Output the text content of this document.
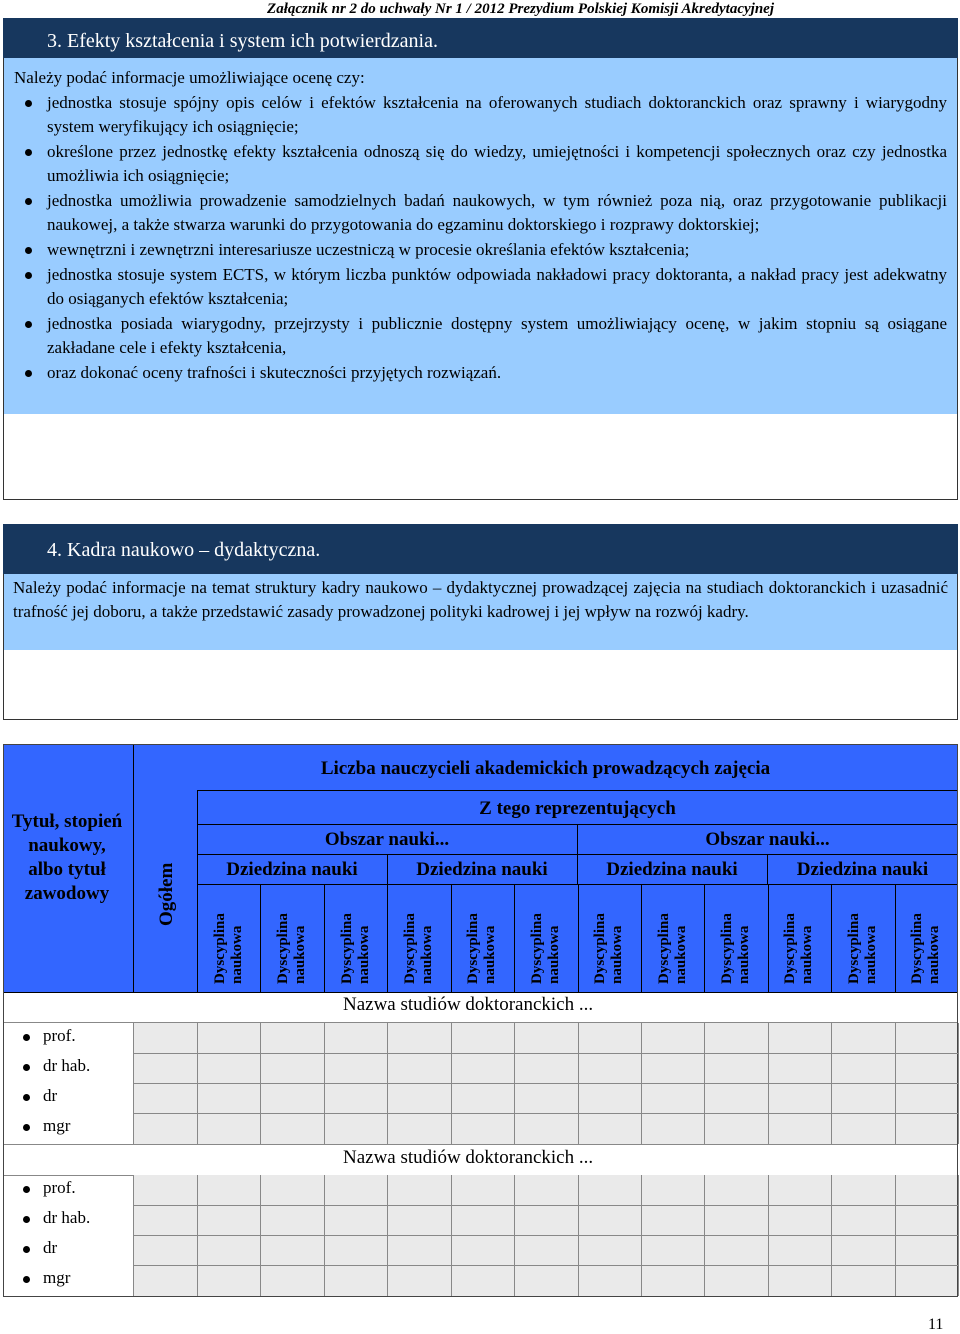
Załącznik nr 2 do uchwały Nr 1 / 2012 Prezydium Polskiej Komisji Akredytacyjnej
3. Efekty kształcenia i system ich potwierdzania.
Należy podać informacje umożliwiające ocenę czy:
jednostka stosuje spójny opis celów i efektów kształcenia na oferowanych studiach doktoranckich oraz sprawny i wiarygodny system weryfikujący ich osiągnięcie;
określone przez jednostkę efekty kształcenia odnoszą się do wiedzy, umiejętności i kompetencji społecznych oraz czy jednostka umożliwia ich osiągnięcie;
jednostka umożliwia prowadzenie samodzielnych badań naukowych, w tym również poza nią, oraz przygotowanie publikacji naukowej, a także stwarza warunki do przygotowania do egzaminu doktorskiego i rozprawy doktorskiej;
wewnętrzni i zewnętrzni interesariusze uczestniczą w procesie określania efektów kształcenia;
jednostka stosuje system ECTS, w którym liczba punktów odpowiada nakładowi pracy doktoranta, a nakład pracy jest adekwatny do osiąganych efektów kształcenia;
jednostka posiada wiarygodny, przejrzysty i publicznie dostępny system umożliwiający ocenę, w jakim stopniu są osiągane zakładane cele i efekty kształcenia,
oraz dokonać oceny trafności i skuteczności przyjętych rozwiązań.
4. Kadra naukowo – dydaktyczna.
Należy podać informacje na temat struktury kadry naukowo – dydaktycznej prowadzącej zajęcia na studiach doktoranckich i uzasadnić trafność jej doboru, a także przedstawić zasady prowadzonej polityki kadrowej i jej wpływ na rozwój kadry.
Tytuł, stopień naukowy, albo tytuł zawodowy	Ogółem
Liczba nauczycieli akademickich prowadzących zajęcia
Z tego reprezentujących
Obszar nauki...	Obszar nauki...
Dziedzina nauki	Dziedzina nauki	Dziedzina nauki	Dziedzina nauki
Dyscyplina naukowa Dyscyplina naukowa Dyscyplina naukowa Dyscyplina naukowa Dyscyplina naukowa Dyscyplina naukowa Dyscyplina naukowa Dyscyplina naukowa Dyscyplina naukowa Dyscyplina naukowa Dyscyplina naukowa Dyscyplina naukowa
Nazwa studiów doktoranckich ...
prof.
dr hab.
dr
mgr
Nazwa studiów doktoranckich ...
prof.
dr hab.
dr
mgr
11
